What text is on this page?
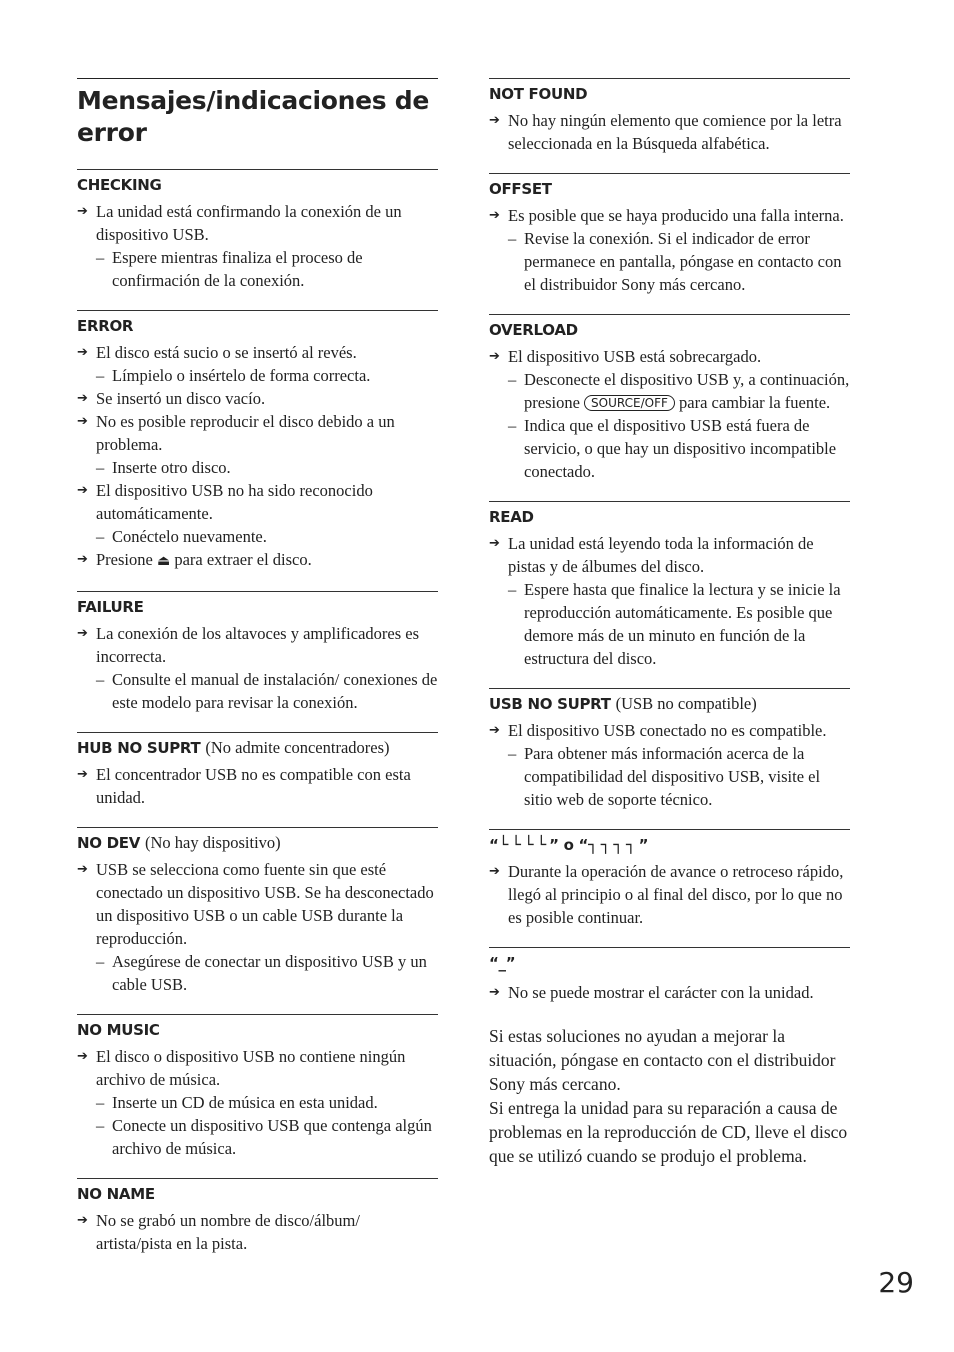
Mensajes/indicaciones de error
CHECKING
➔ La unidad está confirmando la conexión de un dispositivo USB.
– Espere mientras finaliza el proceso de confirmación de la conexión.
ERROR
➔ El disco está sucio o se insertó al revés.
– Límpielo o insértelo de forma correcta.
➔ Se insertó un disco vacío.
➔ No es posible reproducir el disco debido a un problema.
– Inserte otro disco.
➔ El dispositivo USB no ha sido reconocido automáticamente.
– Conéctelo nuevamente.
➔ Presione ⏏ para extraer el disco.
FAILURE
➔ La conexión de los altavoces y amplificadores es incorrecta.
– Consulte el manual de instalación/ conexiones de este modelo para revisar la conexión.
HUB NO SUPRT (No admite concentradores)
➔ El concentrador USB no es compatible con esta unidad.
NO DEV (No hay dispositivo)
➔ USB se selecciona como fuente sin que esté conectado un dispositivo USB. Se ha desconectado un dispositivo USB o un cable USB durante la reproducción.
– Asegúrese de conectar un dispositivo USB y un cable USB.
NO MUSIC
➔ El disco o dispositivo USB no contiene ningún archivo de música.
– Inserte un CD de música en esta unidad.
– Conecte un dispositivo USB que contenga algún archivo de música.
NO NAME
➔ No se grabó un nombre de disco/álbum/ artista/pista en la pista.
NOT FOUND
➔ No hay ningún elemento que comience por la letra seleccionada en la Búsqueda alfabética.
OFFSET
➔ Es posible que se haya producido una falla interna.
– Revise la conexión. Si el indicador de error permanece en pantalla, póngase en contacto con el distribuidor Sony más cercano.
OVERLOAD
➔ El dispositivo USB está sobrecargado.
– Desconecte el dispositivo USB y, a continuación, presione SOURCE/OFF para cambiar la fuente.
– Indica que el dispositivo USB está fuera de servicio, o que hay un dispositivo incompatible conectado.
READ
➔ La unidad está leyendo toda la información de pistas y de álbumes del disco.
– Espere hasta que finalice la lectura y se inicie la reproducción automáticamente. Es posible que demore más de un minuto en función de la estructura del disco.
USB NO SUPRT (USB no compatible)
➔ El dispositivo USB conectado no es compatible.
– Para obtener más información acerca de la compatibilidad del dispositivo USB, visite el sitio web de soporte técnico.
“└└└└” o “┐┐┐┐”
➔ Durante la operación de avance o retroceso rápido, llegó al principio o al final del disco, por lo que no es posible continuar.
“_”
➔ No se puede mostrar el carácter con la unidad.

Si estas soluciones no ayudan a mejorar la situación, póngase en contacto con el distribuidor Sony más cercano.

Si entrega la unidad para su reparación a causa de problemas en la reproducción de CD, lleve el disco que se utilizó cuando se produjo el problema.

29
